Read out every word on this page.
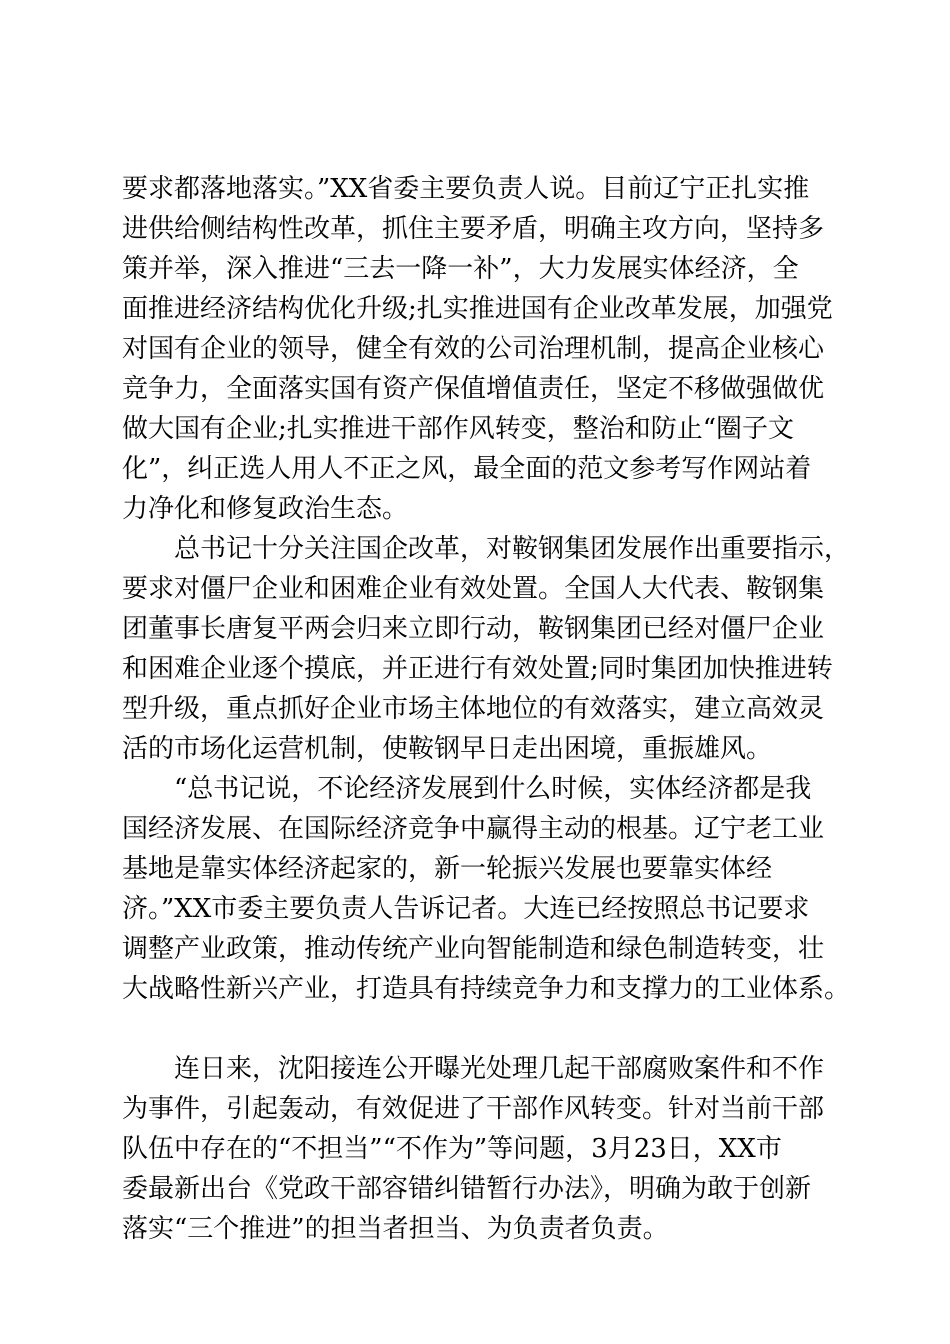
要求都落地落实。”XX省委主要负责人说。目前辽宁正扎实推
进供给侧结构性改革，抓住主要矛盾，明确主攻方向，坚持多
策并举，深入推进“三去一降一补”，大力发展实体经济，全
面推进经济结构优化升级;扎实推进国有企业改革发展，加强党
对国有企业的领导，健全有效的公司治理机制，提高企业核心
竞争力，全面落实国有资产保值增值责任，坚定不移做强做优
做大国有企业;扎实推进干部作风转变，整治和防止“圈子文
化”，纠正选人用人不正之风，最全面的范文参考写作网站着
力净化和修复政治生态。
总书记十分关注国企改革，对鞍钢集团发展作出重要指示，
要求对僵尸企业和困难企业有效处置。全国人大代表、鞍钢集
团董事长唐复平两会归来立即行动，鞍钢集团已经对僵尸企业
和困难企业逐个摸底，并正进行有效处置;同时集团加快推进转
型升级，重点抓好企业市场主体地位的有效落实，建立高效灵
活的市场化运营机制，使鞍钢早日走出困境，重振雄风。
“总书记说，不论经济发展到什么时候，实体经济都是我
国经济发展、在国际经济竞争中赢得主动的根基。辽宁老工业
基地是靠实体经济起家的，新一轮振兴发展也要靠实体经
济。”XX市委主要负责人告诉记者。大连已经按照总书记要求
调整产业政策，推动传统产业向智能制造和绿色制造转变，壮
大战略性新兴产业，打造具有持续竞争力和支撑力的工业体系。
连日来，沈阳接连公开曝光处理几起干部腐败案件和不作
为事件，引起轰动，有效促进了干部作风转变。针对当前干部
队伍中存在的“不担当”“不作为”等问题，3月23日，XX市
委最新出台《党政干部容错纠错暂行办法》，明确为敢于创新
落实“三个推进”的担当者担当、为负责者负责。
